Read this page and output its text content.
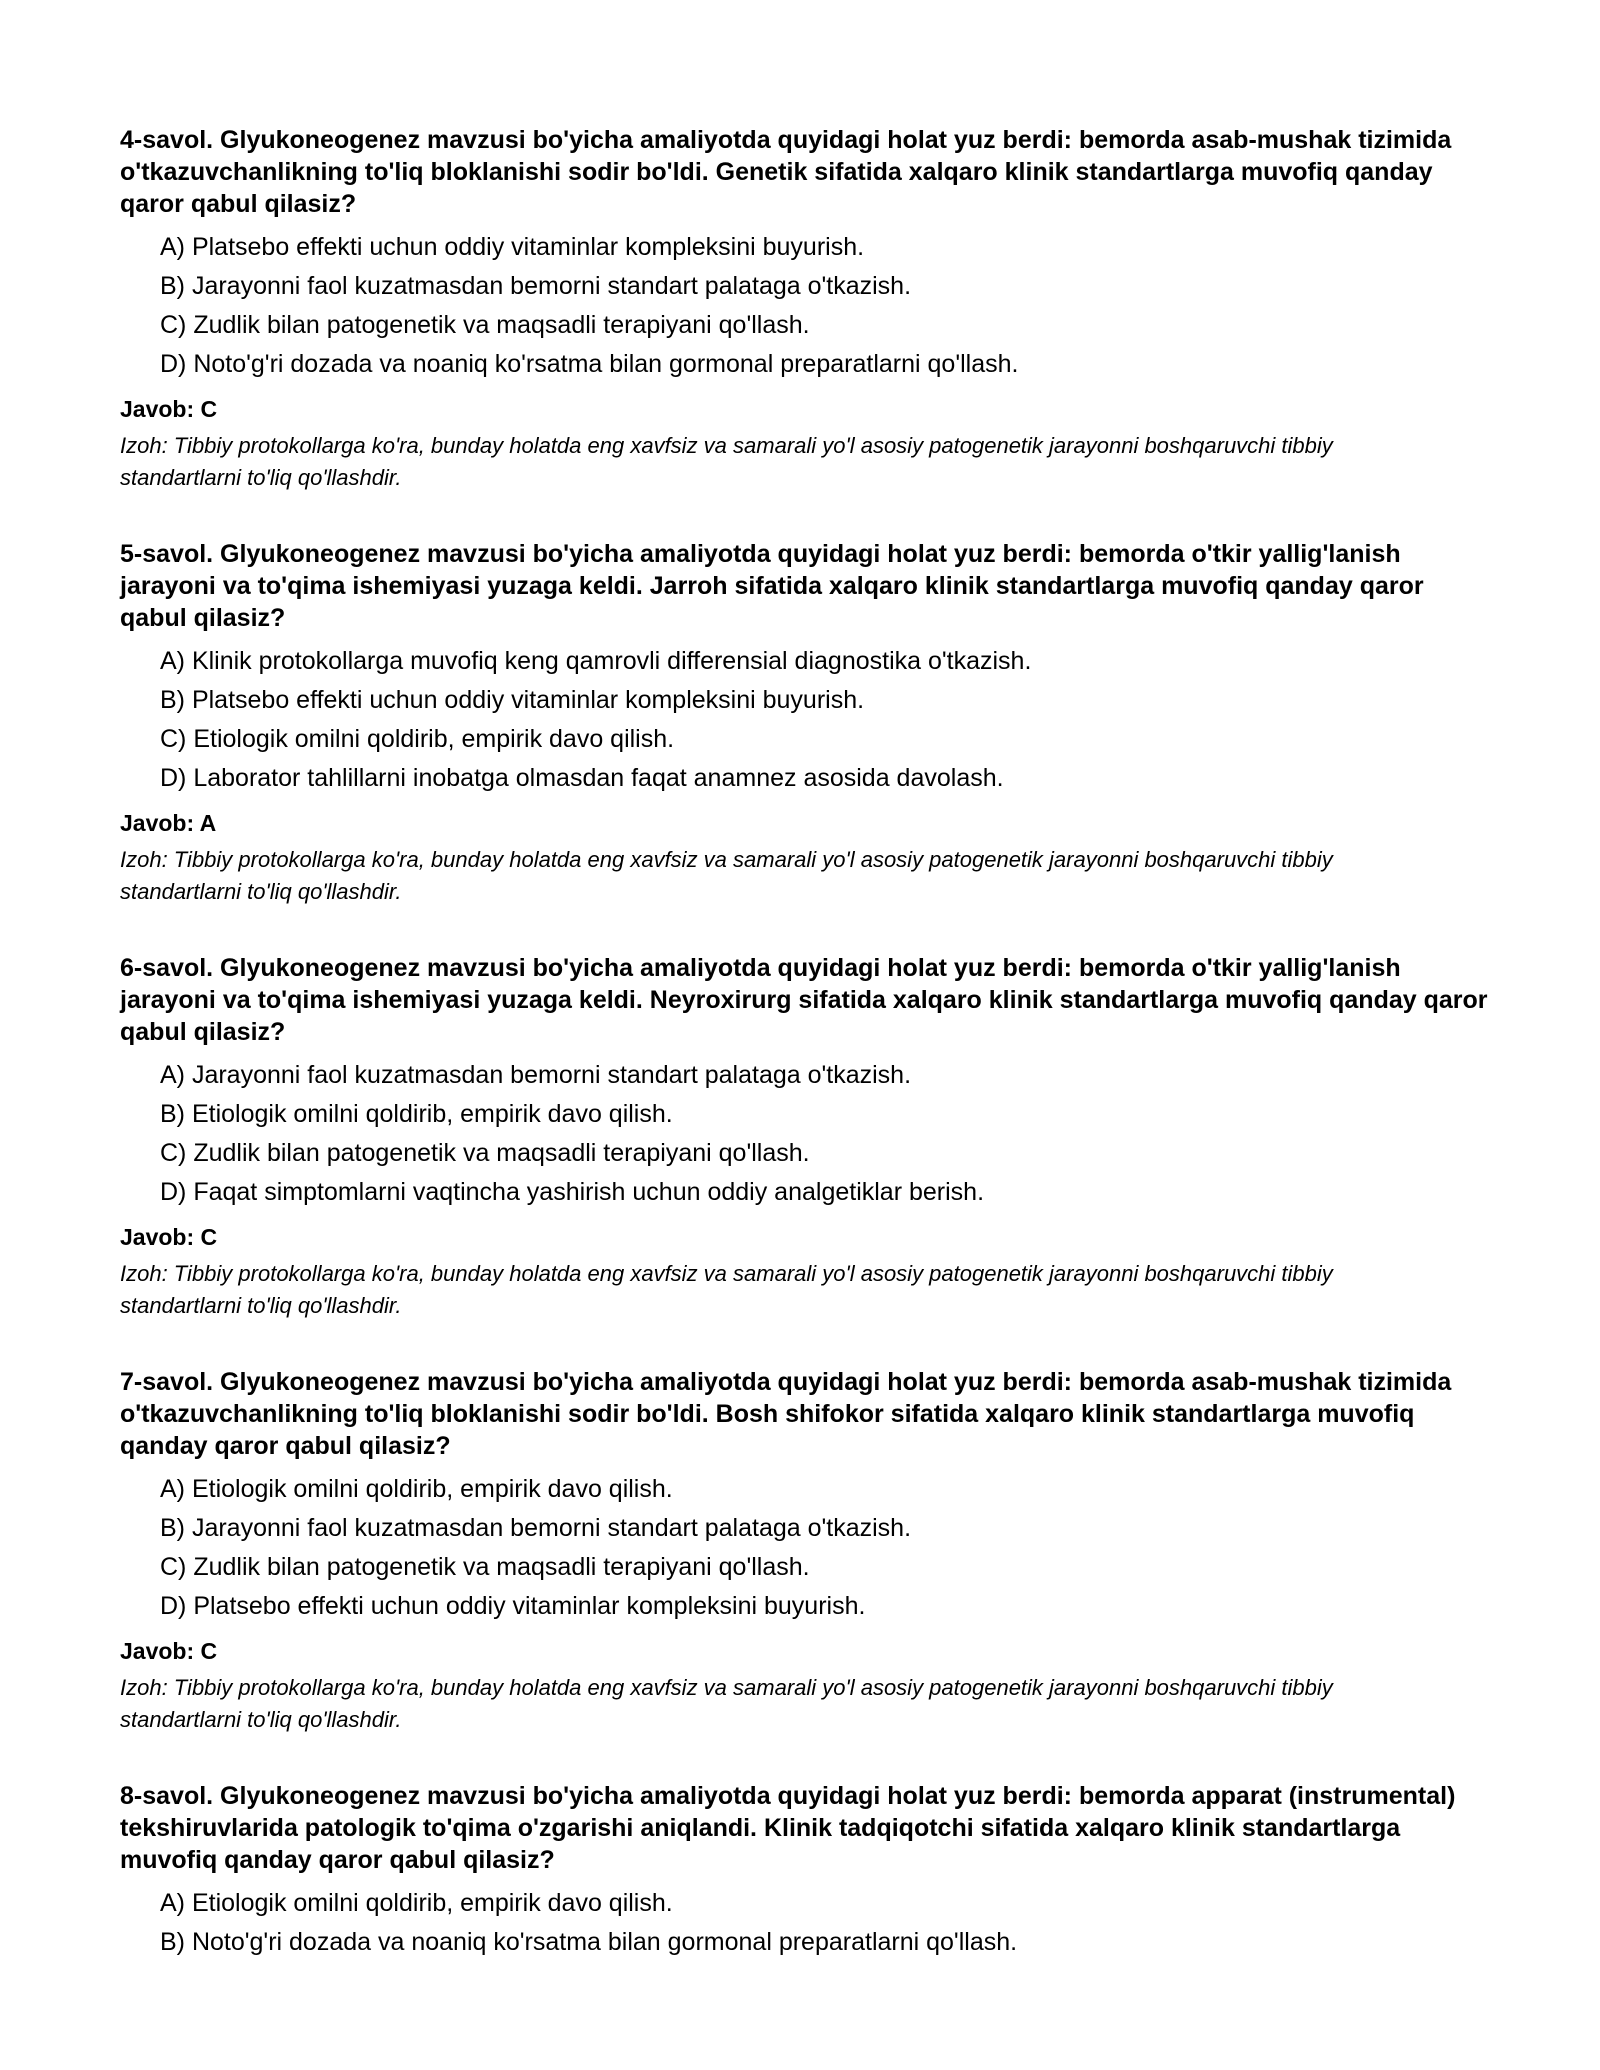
4-savol. Glyukoneogenez mavzusi bo'yicha amaliyotda quyidagi holat yuz berdi: bemorda asab-mushak tizimida o'tkazuvchanlikning to'liq bloklanishi sodir bo'ldi. Genetik sifatida xalqaro klinik standartlarga muvofiq qanday qaror qabul qilasiz?
A) Platsebo effekti uchun oddiy vitaminlar kompleksini buyurish.
B) Jarayonni faol kuzatmasdan bemorni standart palataga o'tkazish.
C) Zudlik bilan patogenetik va maqsadli terapiyani qo'llash.
D) Noto'g'ri dozada va noaniq ko'rsatma bilan gormonal preparatlarni qo'llash.
Javob: C
Izoh: Tibbiy protokollarga ko'ra, bunday holatda eng xavfsiz va samarali yo'l asosiy patogenetik jarayonni boshqaruvchi tibbiy standartlarni to'liq qo'llashdir.
5-savol. Glyukoneogenez mavzusi bo'yicha amaliyotda quyidagi holat yuz berdi: bemorda o'tkir yallig'lanish jarayoni va to'qima ishemiyasi yuzaga keldi. Jarroh sifatida xalqaro klinik standartlarga muvofiq qanday qaror qabul qilasiz?
A) Klinik protokollarga muvofiq keng qamrovli differensial diagnostika o'tkazish.
B) Platsebo effekti uchun oddiy vitaminlar kompleksini buyurish.
C) Etiologik omilni qoldirib, empirik davo qilish.
D) Laborator tahlillarni inobatga olmasdan faqat anamnez asosida davolash.
Javob: A
Izoh: Tibbiy protokollarga ko'ra, bunday holatda eng xavfsiz va samarali yo'l asosiy patogenetik jarayonni boshqaruvchi tibbiy standartlarni to'liq qo'llashdir.
6-savol. Glyukoneogenez mavzusi bo'yicha amaliyotda quyidagi holat yuz berdi: bemorda o'tkir yallig'lanish jarayoni va to'qima ishemiyasi yuzaga keldi. Neyroxirurg sifatida xalqaro klinik standartlarga muvofiq qanday qaror qabul qilasiz?
A) Jarayonni faol kuzatmasdan bemorni standart palataga o'tkazish.
B) Etiologik omilni qoldirib, empirik davo qilish.
C) Zudlik bilan patogenetik va maqsadli terapiyani qo'llash.
D) Faqat simptomlarni vaqtincha yashirish uchun oddiy analgetiklar berish.
Javob: C
Izoh: Tibbiy protokollarga ko'ra, bunday holatda eng xavfsiz va samarali yo'l asosiy patogenetik jarayonni boshqaruvchi tibbiy standartlarni to'liq qo'llashdir.
7-savol. Glyukoneogenez mavzusi bo'yicha amaliyotda quyidagi holat yuz berdi: bemorda asab-mushak tizimida o'tkazuvchanlikning to'liq bloklanishi sodir bo'ldi. Bosh shifokor sifatida xalqaro klinik standartlarga muvofiq qanday qaror qabul qilasiz?
A) Etiologik omilni qoldirib, empirik davo qilish.
B) Jarayonni faol kuzatmasdan bemorni standart palataga o'tkazish.
C) Zudlik bilan patogenetik va maqsadli terapiyani qo'llash.
D) Platsebo effekti uchun oddiy vitaminlar kompleksini buyurish.
Javob: C
Izoh: Tibbiy protokollarga ko'ra, bunday holatda eng xavfsiz va samarali yo'l asosiy patogenetik jarayonni boshqaruvchi tibbiy standartlarni to'liq qo'llashdir.
8-savol. Glyukoneogenez mavzusi bo'yicha amaliyotda quyidagi holat yuz berdi: bemorda apparat (instrumental) tekshiruvlarida patologik to'qima o'zgarishi aniqlandi. Klinik tadqiqotchi sifatida xalqaro klinik standartlarga muvofiq qanday qaror qabul qilasiz?
A) Etiologik omilni qoldirib, empirik davo qilish.
B) Noto'g'ri dozada va noaniq ko'rsatma bilan gormonal preparatlarni qo'llash.
